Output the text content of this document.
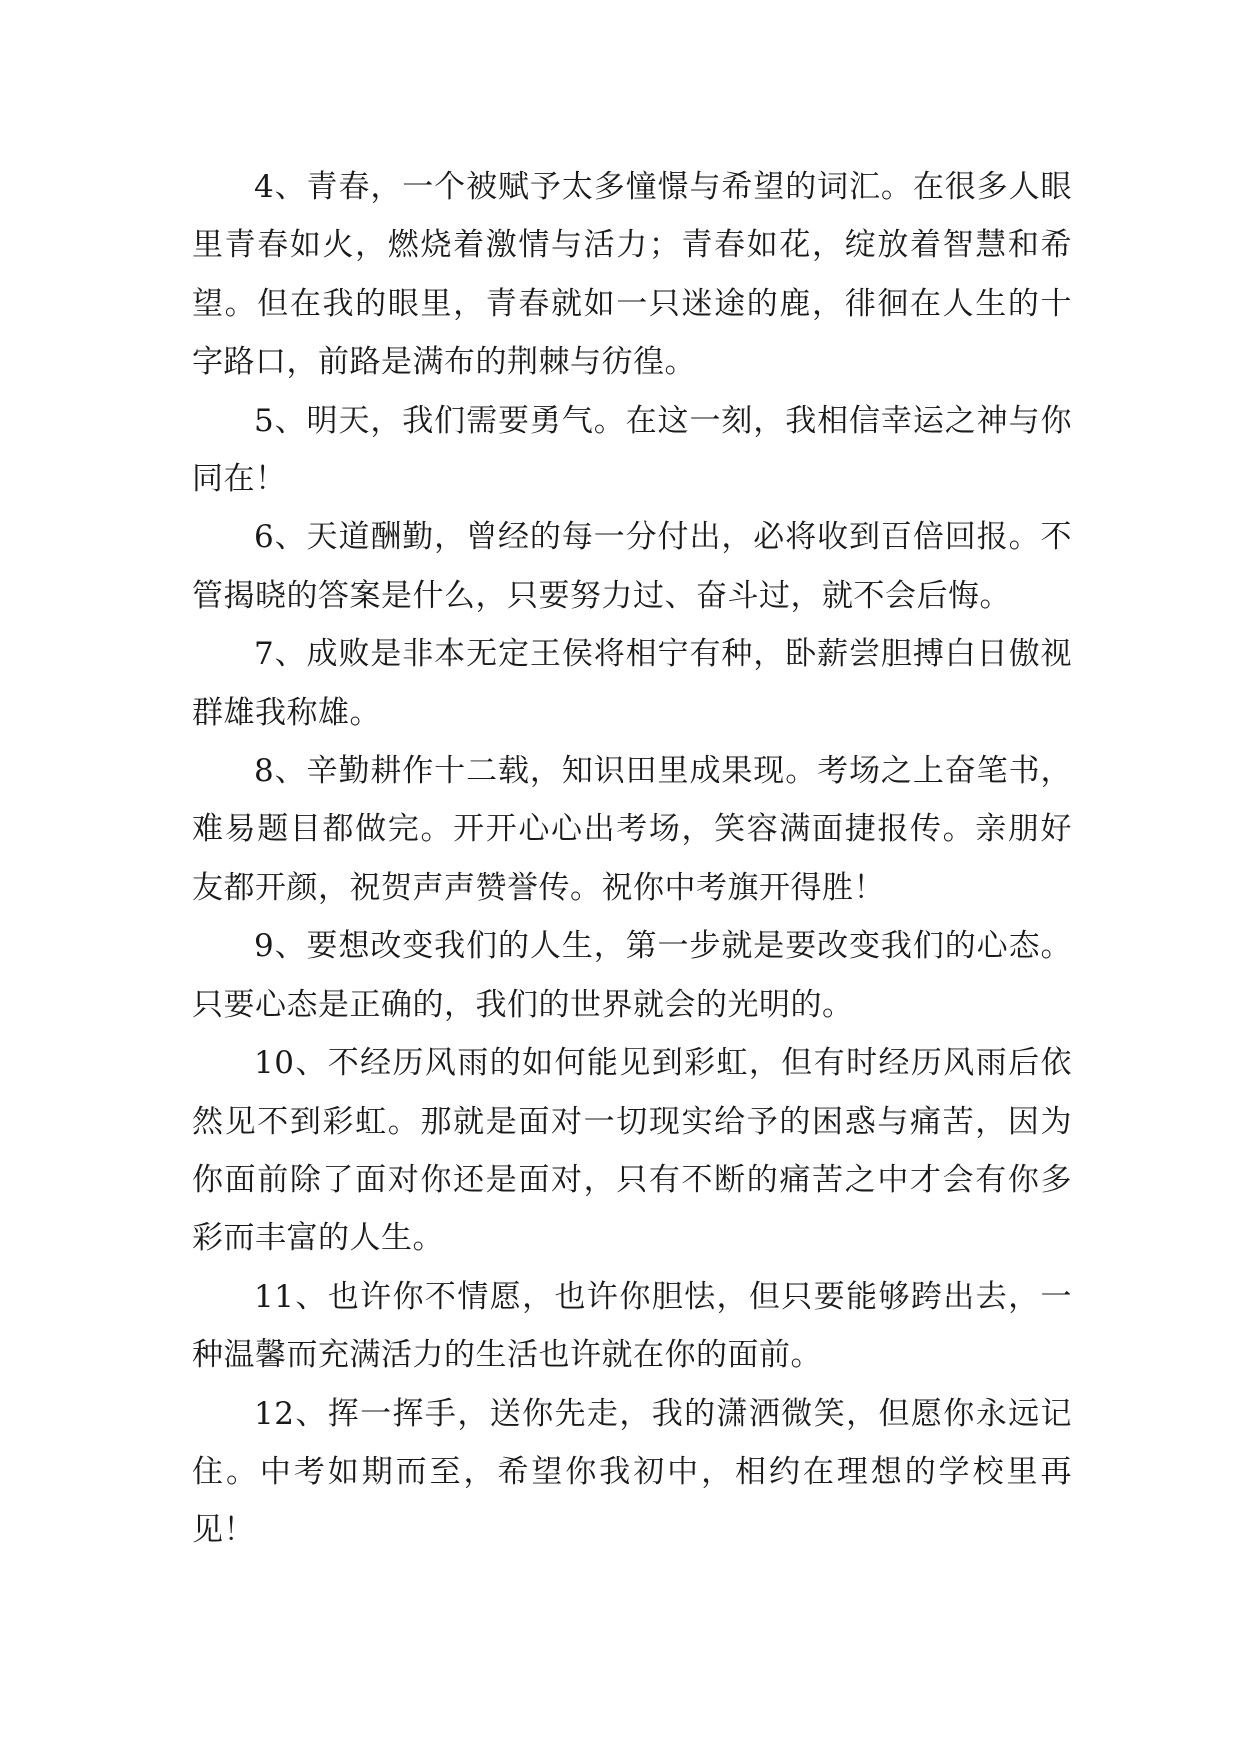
4、青春，一个被赋予太多憧憬与希望的词汇。在很多人眼里青春如火，燃烧着激情与活力；青春如花，绽放着智慧和希望。但在我的眼里，青春就如一只迷途的鹿，徘徊在人生的十字路口，前路是满布的荆棘与彷徨。

5、明天，我们需要勇气。在这一刻，我相信幸运之神与你同在！

6、天道酬勤，曾经的每一分付出，必将收到百倍回报。不管揭晓的答案是什么，只要努力过、奋斗过，就不会后悔。

7、成败是非本无定王侯将相宁有种，卧薪尝胆搏白日傲视群雄我称雄。

8、辛勤耕作十二载，知识田里成果现。考场之上奋笔书，难易题目都做完。开开心心出考场，笑容满面捷报传。亲朋好友都开颜，祝贺声声赞誉传。祝你中考旗开得胜！

9、要想改变我们的人生，第一步就是要改变我们的心态。只要心态是正确的，我们的世界就会的光明的。

10、不经历风雨的如何能见到彩虹，但有时经历风雨后依然见不到彩虹。那就是面对一切现实给予的困惑与痛苦，因为你面前除了面对你还是面对，只有不断的痛苦之中才会有你多彩而丰富的人生。

11、也许你不情愿，也许你胆怯，但只要能够跨出去，一种温馨而充满活力的生活也许就在你的面前。

12、挥一挥手，送你先走，我的潇洒微笑，但愿你永远记住。中考如期而至，希望你我初中，相约在理想的学校里再见！
